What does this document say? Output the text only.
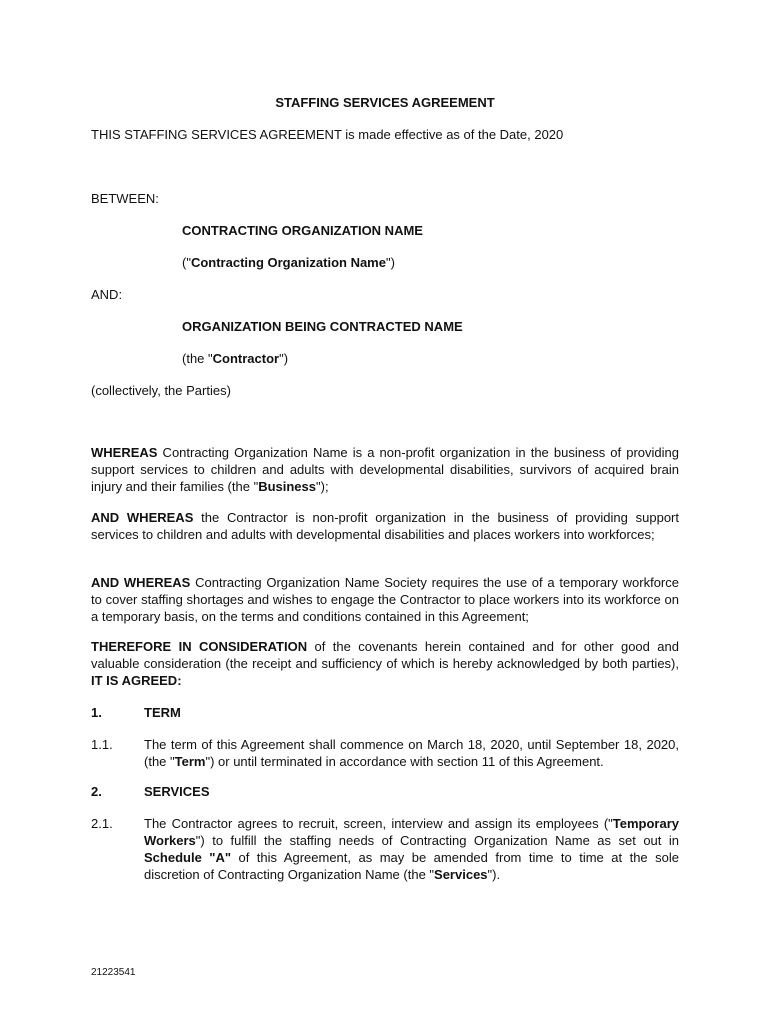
STAFFING SERVICES AGREEMENT
THIS STAFFING SERVICES AGREEMENT is made effective as of the Date, 2020
BETWEEN:
CONTRACTING ORGANIZATION NAME
("Contracting Organization Name")
AND:
ORGANIZATION BEING CONTRACTED NAME
(the "Contractor")
(collectively, the Parties)
WHEREAS Contracting Organization Name is a non-profit organization in the business of providing support services to children and adults with developmental disabilities, survivors of acquired brain injury and their families (the "Business");
AND WHEREAS the Contractor is non-profit organization in the business of providing support services to children and adults with developmental disabilities and places workers into workforces;
AND WHEREAS Contracting Organization Name Society requires the use of a temporary workforce to cover staffing shortages and wishes to engage the Contractor to place workers into its workforce on a temporary basis, on the terms and conditions contained in this Agreement;
THEREFORE IN CONSIDERATION of the covenants herein contained and for other good and valuable consideration (the receipt and sufficiency of which is hereby acknowledged by both parties), IT IS AGREED:
1.	TERM
1.1. The term of this Agreement shall commence on March 18, 2020, until September 18, 2020, (the "Term") or until terminated in accordance with section 11 of this Agreement.
2.	SERVICES
2.1. The Contractor agrees to recruit, screen, interview and assign its employees ("Temporary Workers") to fulfill the staffing needs of Contracting Organization Name as set out in Schedule "A" of this Agreement, as may be amended from time to time at the sole discretion of Contracting Organization Name (the "Services").
21223541
